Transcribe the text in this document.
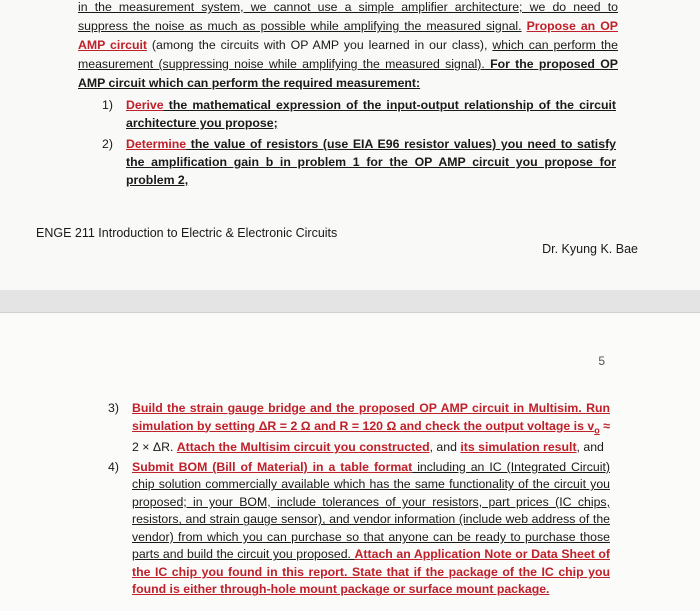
in the measurement system, we cannot use a simple amplifier architecture; we do need to suppress the noise as much as possible while amplifying the measured signal. Propose an OP AMP circuit (among the circuits with OP AMP you learned in our class), which can perform the measurement (suppressing noise while amplifying the measured signal). For the proposed OP AMP circuit which can perform the required measurement:
1) Derive the mathematical expression of the input-output relationship of the circuit architecture you propose;
2) Determine the value of resistors (use EIA E96 resistor values) you need to satisfy the amplification gain b in problem 1 for the OP AMP circuit you propose for problem 2,
ENGE 211 Introduction to Electric & Electronic Circuits
Dr. Kyung K. Bae
5
3) Build the strain gauge bridge and the proposed OP AMP circuit in Multisim. Run simulation by setting ΔR = 2 Ω and R = 120 Ω and check the output voltage is $v_o \approx 2 \times \Delta R$. Attach the Multisim circuit you constructed, and its simulation result, and
4) Submit BOM (Bill of Material) in a table format including an IC (Integrated Circuit) chip solution commercially available which has the same functionality of the circuit you proposed; in your BOM, include tolerances of your resistors, part prices (IC chips, resistors, and strain gauge sensor), and vendor information (include web address of the vendor) from which you can purchase so that anyone can be ready to purchase those parts and build the circuit you proposed. Attach an Application Note or Data Sheet of the IC chip you found in this report. State that if the package of the IC chip you found is either through-hole mount package or surface mount package.
